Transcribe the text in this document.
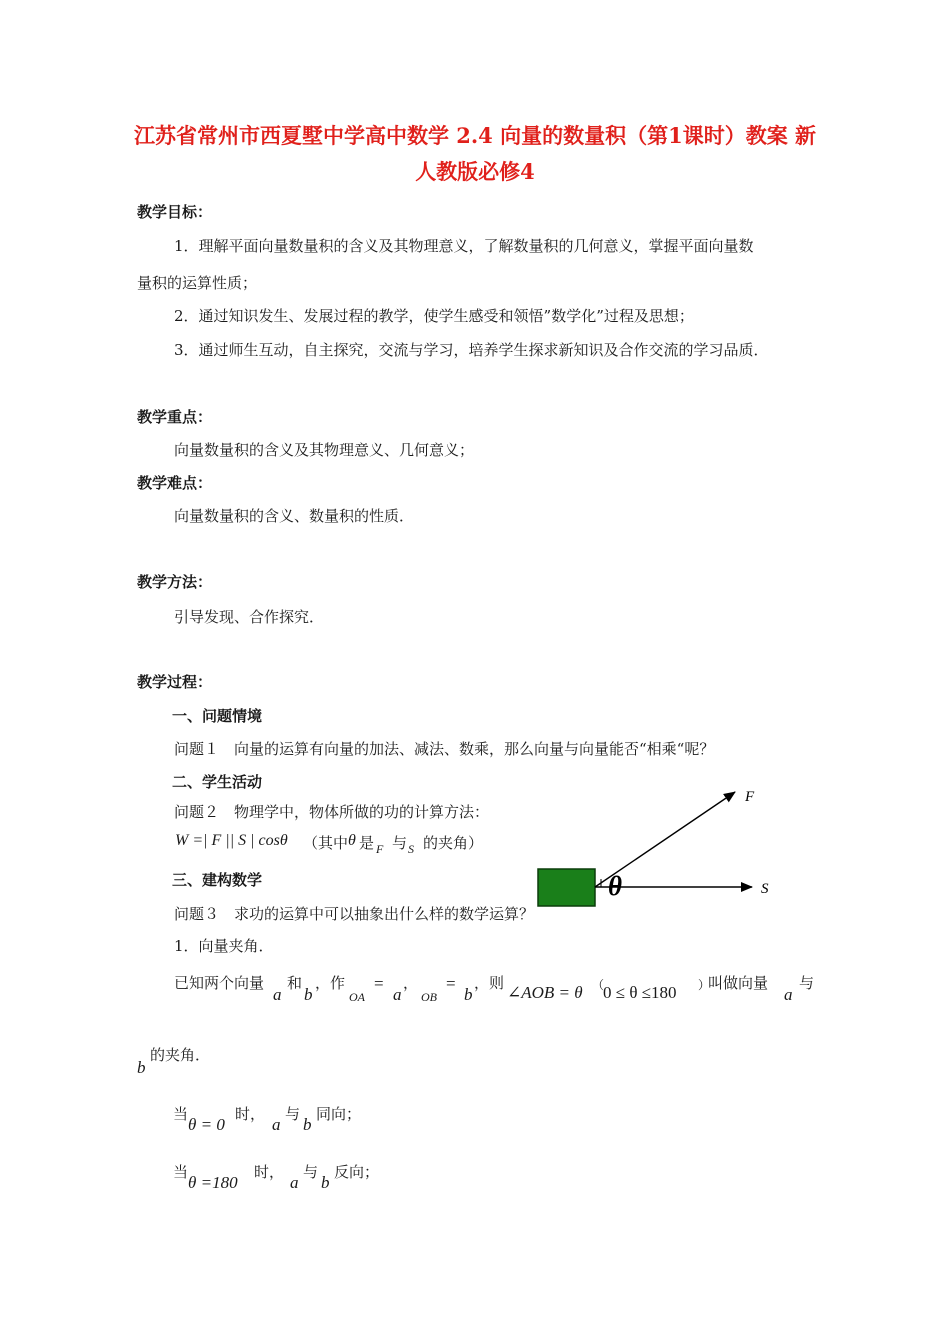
江苏省常州市西夏墅中学高中数学 2.4 向量的数量积（第1课时）教案 新人教版必修4
教学目标：
1．理解平面向量数量积的含义及其物理意义，了解数量积的几何意义，掌握平面向量数
量积的运算性质；
2．通过知识发生、发展过程的教学，使学生感受和领悟”数学化”过程及思想；
3．通过师生互动，自主探究，交流与学习，培养学生探求新知识及合作交流的学习品质．
教学重点：
向量数量积的含义及其物理意义、几何意义；
教学难点：
向量数量积的含义、数量积的性质．
教学方法：
引导发现、合作探究．
教学过程：
一、问题情境
问题１　向量的运算有向量的加法、减法、数乘，那么向量与向量能否“相乘“呢？
二、学生活动
问题２　物理学中，物体所做的功的计算方法：
W =| F || S | cosθ （其中 θ 是 F 与 S 的夹角）
F
S
θ
三、建构数学
问题３　求功的运算中可以抽象出什么样的数学运算？
1．向量夹角．
已知两个向量
a
和
b
，作
OA
=
a
，
OB
=
b
，则 ∠AOB = θ （
0 ≤ θ ≤180 ）
叫做向量
a
与
b
的夹角．
当
θ = 0
时，
a
与
b
同向；
当
θ =180
时，
a
与
b
反向；
